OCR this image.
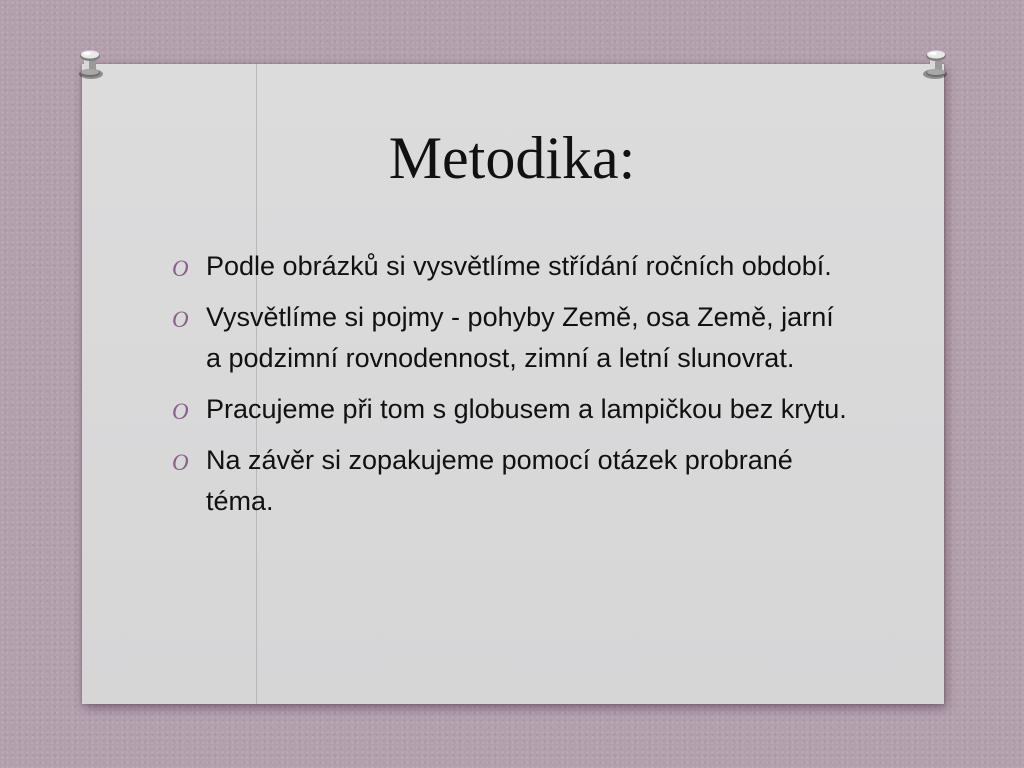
Metodika:
O Podle obrázků si vysvětlíme střídání ročních období.
O Vysvětlíme si pojmy - pohyby Země, osa Země, jarní a podzimní rovnodennost, zimní a letní slunovrat.
O Pracujeme při tom s globusem a lampičkou bez krytu.
O Na závěr si zopakujeme pomocí otázek probrané téma.
